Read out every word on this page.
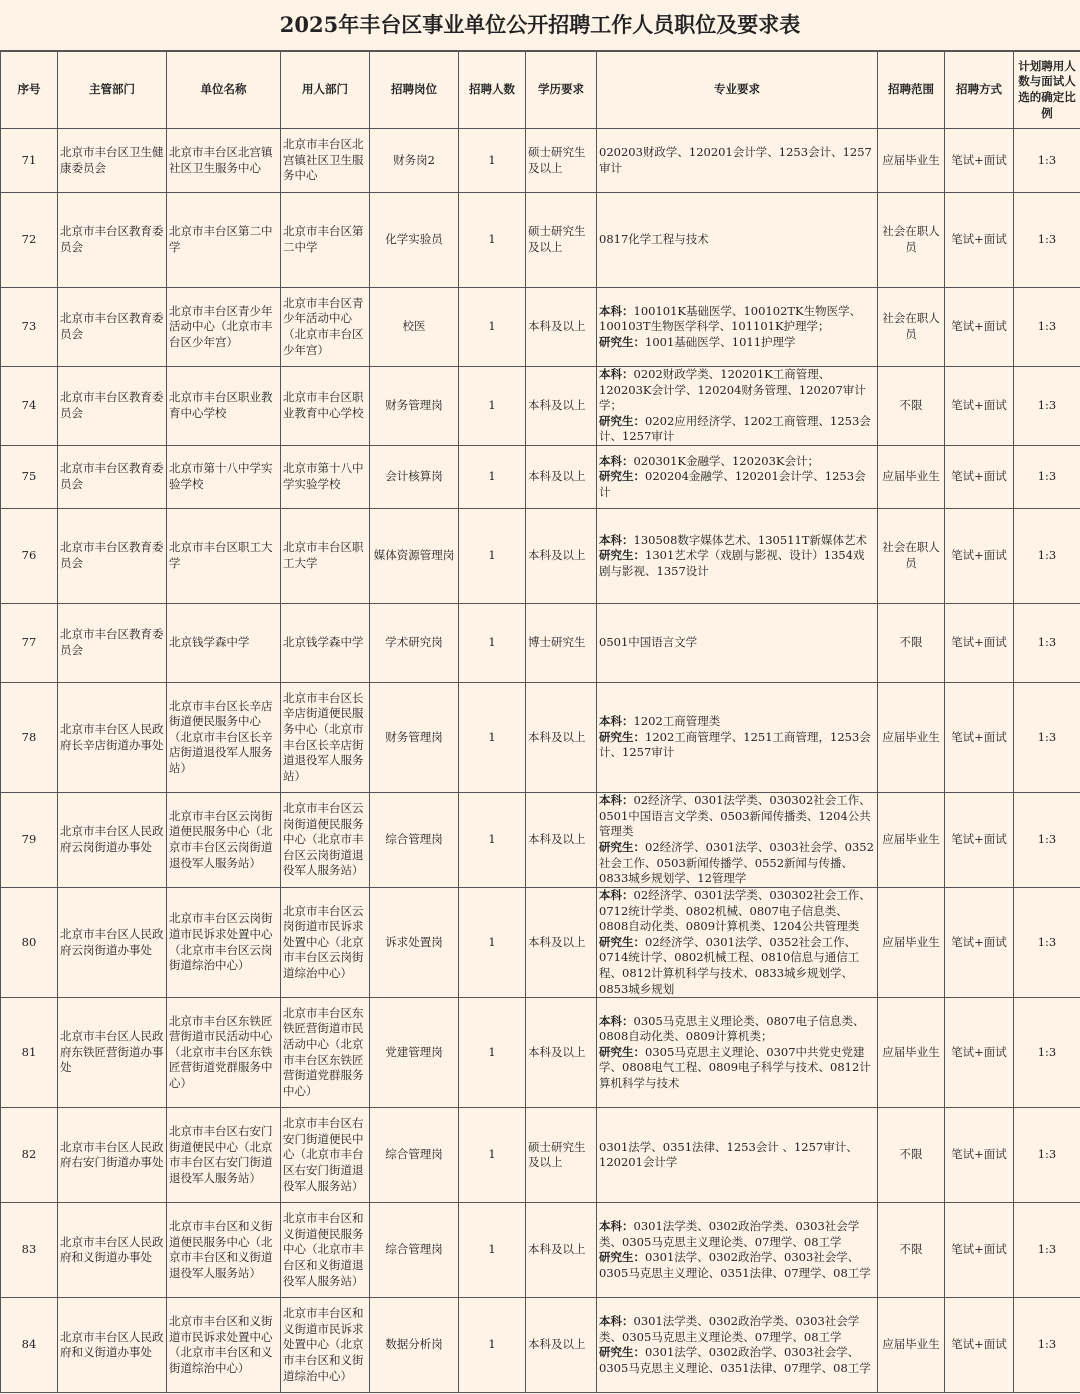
2025年丰台区事业单位公开招聘工作人员职位及要求表
序号	主管部门	单位名称	用人部门	招聘岗位	招聘人数	学历要求	专业要求	招聘范围	招聘方式	计划聘用人数与面试人选的确定比例
71	北京市丰台区卫生健康委员会	北京市丰台区北宫镇社区卫生服务中心	北京市丰台区北宫镇社区卫生服务中心	财务岗2	1	硕士研究生及以上	020203财政学、120201会计学、1253会计、1257审计	应届毕业生	笔试+面试	1:3
72	北京市丰台区教育委员会	北京市丰台区第二中学	北京市丰台区第二中学	化学实验员	1	硕士研究生及以上	0817化学工程与技术	社会在职人员	笔试+面试	1:3
73	北京市丰台区教育委员会	北京市丰台区青少年活动中心（北京市丰台区少年宫）	北京市丰台区青少年活动中心（北京市丰台区少年宫）	校医	1	本科及以上	本科：100101K基础医学、100102TK生物医学、100103T生物医学科学、101101K护理学；
研究生：1001基础医学、1011护理学	社会在职人员	笔试+面试	1:3
74	北京市丰台区教育委员会	北京市丰台区职业教育中心学校	北京市丰台区职业教育中心学校	财务管理岗	1	本科及以上	本科：0202财政学类、120201K工商管理、120203K会计学、120204财务管理、120207审计学；
研究生：0202应用经济学、1202工商管理、1253会计、1257审计	不限	笔试+面试	1:3
75	北京市丰台区教育委员会	北京市第十八中学实验学校	北京市第十八中学实验学校	会计核算岗	1	本科及以上	本科：020301K金融学、120203K会计；
研究生：020204金融学、120201会计学、1253会计	应届毕业生	笔试+面试	1:3
76	北京市丰台区教育委员会	北京市丰台区职工大学	北京市丰台区职工大学	媒体资源管理岗	1	本科及以上	本科：130508数字媒体艺术、130511T新媒体艺术
研究生：1301艺术学（戏剧与影视、设计）1354戏剧与影视、1357设计	社会在职人员	笔试+面试	1:3
77	北京市丰台区教育委员会	北京钱学森中学	北京钱学森中学	学术研究岗	1	博士研究生	0501中国语言文学	不限	笔试+面试	1:3
78	北京市丰台区人民政府长辛店街道办事处	北京市丰台区长辛店街道便民服务中心（北京市丰台区长辛店街道退役军人服务站）	北京市丰台区长辛店街道便民服务中心（北京市丰台区长辛店街道退役军人服务站）	财务管理岗	1	本科及以上	本科：1202工商管理类
研究生：1202工商管理学、1251工商管理，1253会计、1257审计	应届毕业生	笔试+面试	1:3
79	北京市丰台区人民政府云岗街道办事处	北京市丰台区云岗街道便民服务中心（北京市丰台区云岗街道退役军人服务站）	北京市丰台区云岗街道便民服务中心（北京市丰台区云岗街道退役军人服务站）	综合管理岗	1	本科及以上	本科：02经济学、0301法学类、030302社会工作、0501中国语言文学类、0503新闻传播类、1204公共管理类
研究生：02经济学、0301法学、0303社会学、0352社会工作、0503新闻传播学、0552新闻与传播、0833城乡规划学、12管理学	应届毕业生	笔试+面试	1:3
80	北京市丰台区人民政府云岗街道办事处	北京市丰台区云岗街道市民诉求处置中心（北京市丰台区云岗街道综治中心）	北京市丰台区云岗街道市民诉求处置中心（北京市丰台区云岗街道综治中心）	诉求处置岗	1	本科及以上	本科：02经济学、0301法学类、030302社会工作、0712统计学类、0802机械、0807电子信息类、0808自动化类、0809计算机类、1204公共管理类
研究生：02经济学、0301法学、0352社会工作、0714统计学、0802机械工程、0810信息与通信工程、0812计算机科学与技术、0833城乡规划学、0853城乡规划	应届毕业生	笔试+面试	1:3
81	北京市丰台区人民政府东铁匠营街道办事处	北京市丰台区东铁匠营街道市民活动中心（北京市丰台区东铁匠营街道党群服务中心）	北京市丰台区东铁匠营街道市民活动中心（北京市丰台区东铁匠营街道党群服务中心）	党建管理岗	1	本科及以上	本科：0305马克思主义理论类、0807电子信息类、0808自动化类、0809计算机类；
研究生：0305马克思主义理论、0307中共党史党建学、0808电气工程、0809电子科学与技术、0812计算机科学与技术	应届毕业生	笔试+面试	1:3
82	北京市丰台区人民政府右安门街道办事处	北京市丰台区右安门街道便民中心（北京市丰台区右安门街道退役军人服务站）	北京市丰台区右安门街道便民中心（北京市丰台区右安门街道退役军人服务站）	综合管理岗	1	硕士研究生及以上	0301法学、0351法律、1253会计 、1257审计、120201会计学	不限	笔试+面试	1:3
83	北京市丰台区人民政府和义街道办事处	北京市丰台区和义街道便民服务中心（北京市丰台区和义街道退役军人服务站）	北京市丰台区和义街道便民服务中心（北京市丰台区和义街道退役军人服务站）	综合管理岗	1	本科及以上	本科：0301法学类、0302政治学类、0303社会学类、0305马克思主义理论类、07理学、08工学
研究生：0301法学、0302政治学、0303社会学、0305马克思主义理论、0351法律、07理学、08工学	不限	笔试+面试	1:3
84	北京市丰台区人民政府和义街道办事处	北京市丰台区和义街道市民诉求处置中心（北京市丰台区和义街道综治中心）	北京市丰台区和义街道市民诉求处置中心（北京市丰台区和义街道综治中心）	数据分析岗	1	本科及以上	本科：0301法学类、0302政治学类、0303社会学类、0305马克思主义理论类、07理学、08工学
研究生：0301法学、0302政治学、0303社会学、0305马克思主义理论、0351法律、07理学、08工学	应届毕业生	笔试+面试	1:3
